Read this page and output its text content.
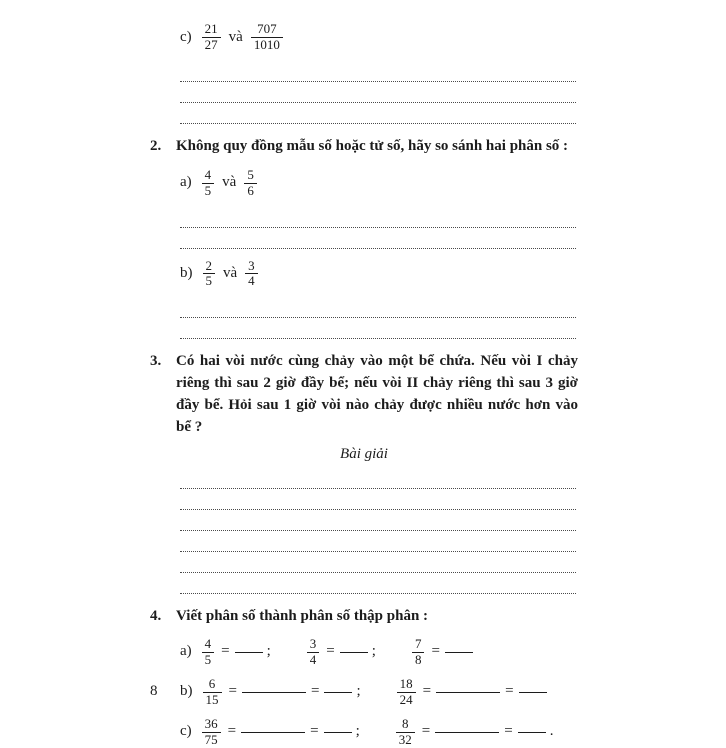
$c) \frac{21}{27}$ và $\frac{707}{1010}$
2. Không quy đồng mẫu số hoặc tử số, hãy so sánh hai phân số :
$a) \frac{4}{5}$ và $\frac{5}{6}$
$b) \frac{2}{5}$ và $\frac{3}{4}$
3. Có hai vòi nước cùng chảy vào một bể chứa. Nếu vòi I chảy riêng thì sau 2 giờ đầy bể; nếu vòi II chảy riêng thì sau 3 giờ đầy bể. Hỏi sau 1 giờ vòi nào chảy được nhiều nước hơn vào bể ?
Bài giải
4. Viết phân số thành phân số thập phân :
$a) \frac{4}{5}$ = ;	$\frac{3}{4}$ = ;	$\frac{7}{8}$ =
$b) \frac{6}{15}$ =	= ;	$\frac{18}{24}$ =	=
$c) \frac{36}{75}$ =	= ;	$\frac{8}{32}$ =	= .
8
